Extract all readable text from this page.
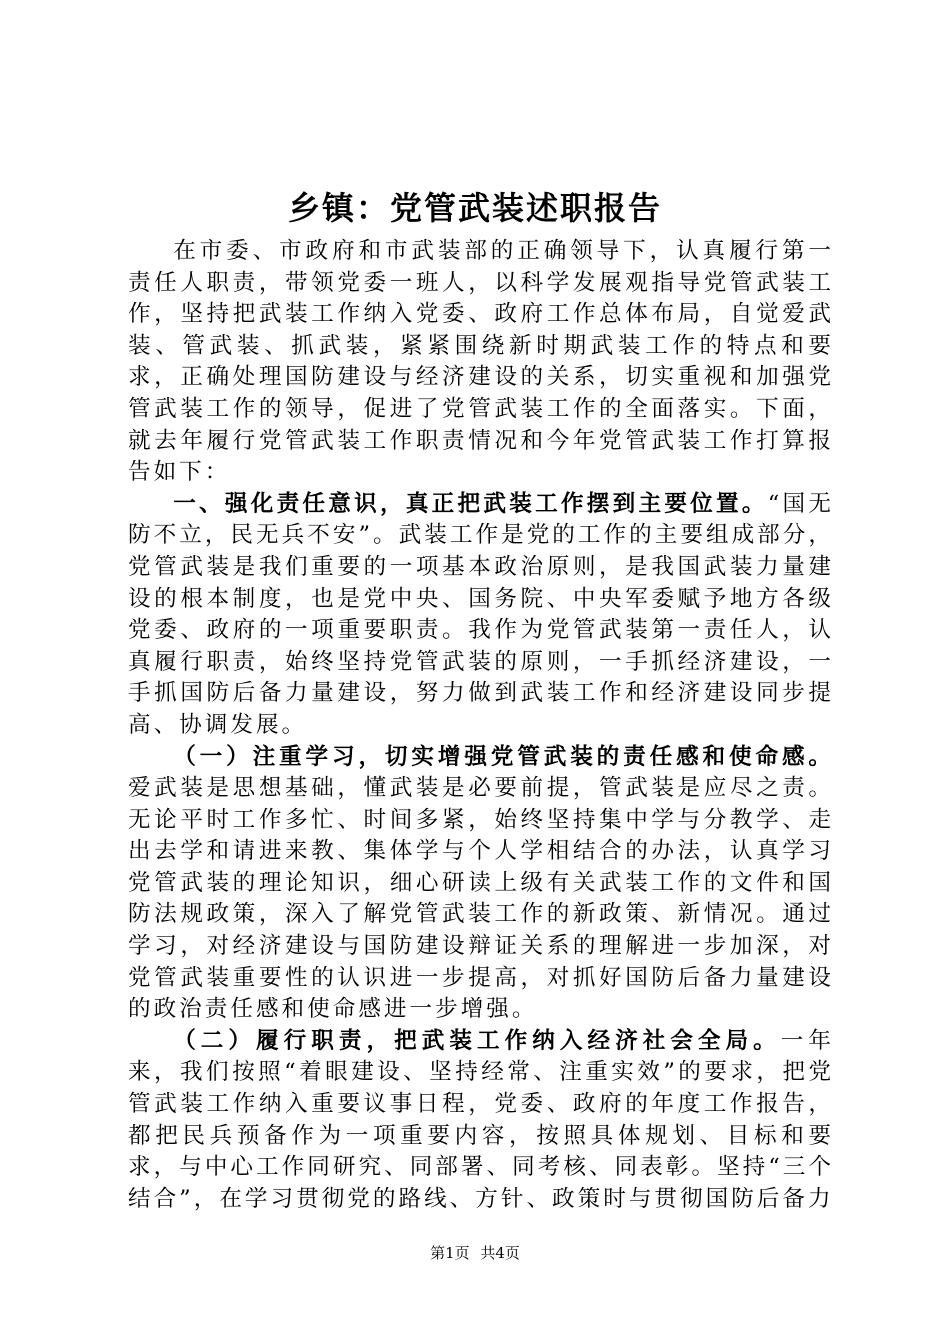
乡镇：党管武装述职报告

在市委、市政府和市武装部的正确领导下，认真履行第一责任人职责，带领党委一班人，以科学发展观指导党管武装工作，坚持把武装工作纳入党委、政府工作总体布局，自觉爱武装、管武装、抓武装，紧紧围绕新时期武装工作的特点和要求，正确处理国防建设与经济建设的关系，切实重视和加强党管武装工作的领导，促进了党管武装工作的全面落实。下面，就去年履行党管武装工作职责情况和今年党管武装工作打算报告如下：

一、强化责任意识，真正把武装工作摆到主要位置。“国无防不立，民无兵不安”。武装工作是党的工作的主要组成部分，党管武装是我们重要的一项基本政治原则，是我国武装力量建设的根本制度，也是党中央、国务院、中央军委赋予地方各级党委、政府的一项重要职责。我作为党管武装第一责任人，认真履行职责，始终坚持党管武装的原则，一手抓经济建设，一手抓国防后备力量建设，努力做到武装工作和经济建设同步提高、协调发展。

（一）注重学习，切实增强党管武装的责任感和使命感。爱武装是思想基础，懂武装是必要前提，管武装是应尽之责。无论平时工作多忙、时间多紧，始终坚持集中学与分教学、走出去学和请进来教、集体学与个人学相结合的办法，认真学习党管武装的理论知识，细心研读上级有关武装工作的文件和国防法规政策，深入了解党管武装工作的新政策、新情况。通过学习，对经济建设与国防建设辩证关系的理解进一步加深，对党管武装重要性的认识进一步提高，对抓好国防后备力量建设的政治责任感和使命感进一步增强。

（二）履行职责，把武装工作纳入经济社会全局。一年来，我们按照“着眼建设、坚持经常、注重实效”的要求，把党管武装工作纳入重要议事日程，党委、政府的年度工作报告，都把民兵预备作为一项重要内容，按照具体规划、目标和要求，与中心工作同研究、同部署、同考核、同表彰。坚持“三个结合”，在学习贯彻党的路线、方针、政策时与贯彻国防后备力

第1页 共4页
